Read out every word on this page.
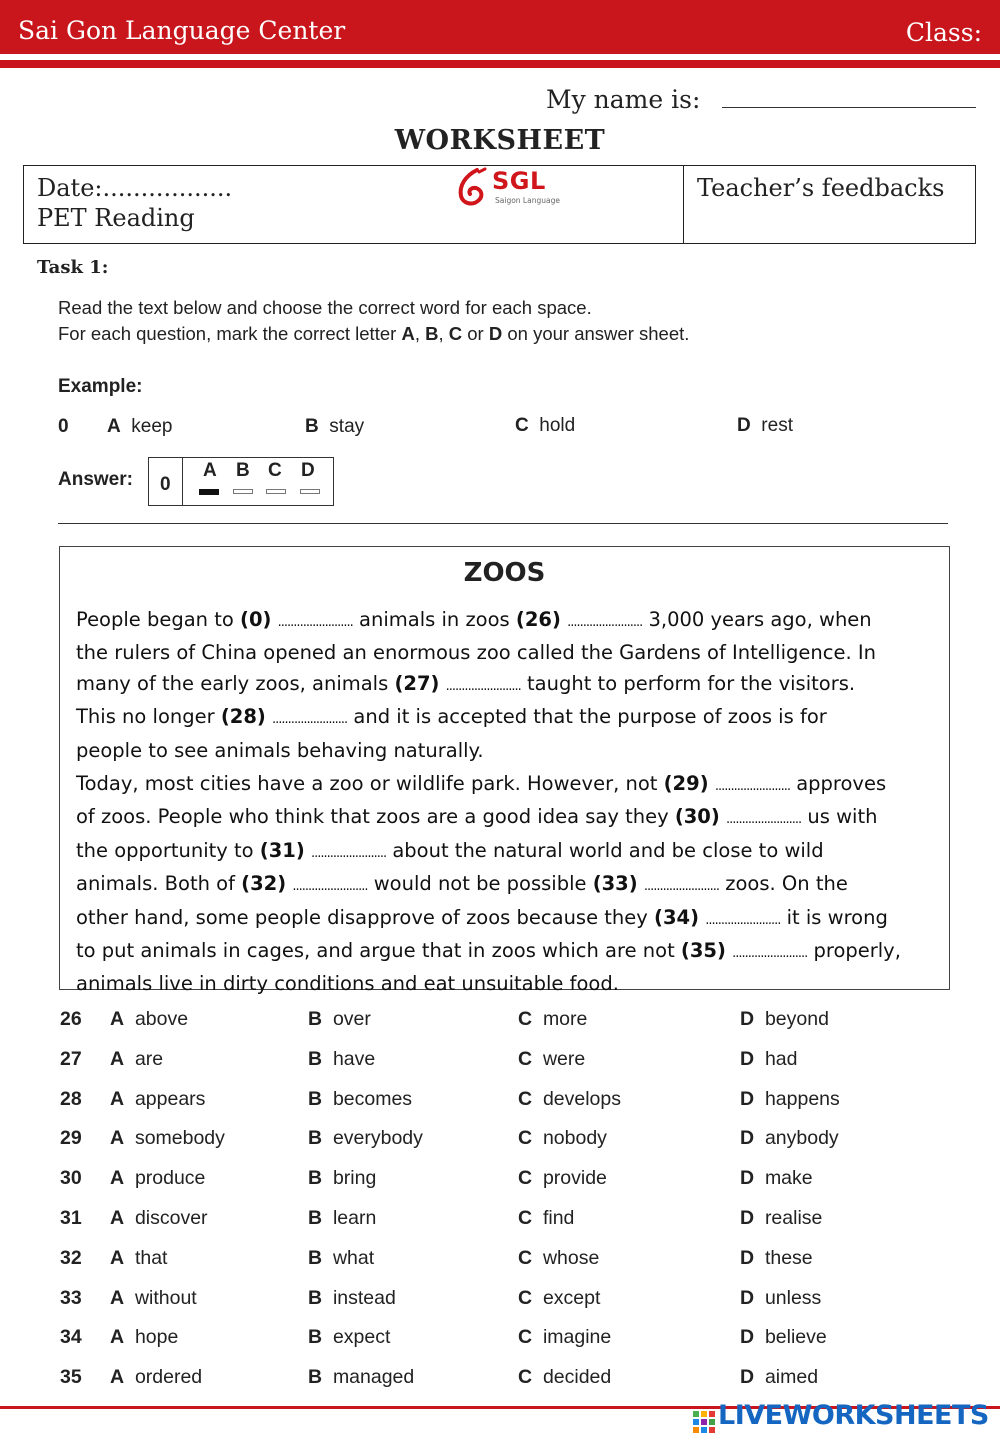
Sai Gon Language Center	Class:
My name is:
WORKSHEET
Date:.................
PET Reading
Teacher’s feedbacks
SGL
Saigon Language
Task 1:
Read the text below and choose the correct word for each space.
For each question, mark the correct letter A, B, C or D on your answer sheet.
Example:
0 A keep	B stay	C hold	D rest
Answer: 0
A B C D
ZOOS
People began to (0) ........................ animals in zoos (26) ........................ 3,000 years ago, when
the rulers of China opened an enormous zoo called the Gardens of Intelligence. In
many of the early zoos, animals (27) ........................ taught to perform for the visitors.
This no longer (28) ........................ and it is accepted that the purpose of zoos is for
people to see animals behaving naturally.
Today, most cities have a zoo or wildlife park. However, not (29) ........................ approves
of zoos. People who think that zoos are a good idea say they (30) ........................ us with
the opportunity to (31) ........................ about the natural world and be close to wild
animals. Both of (32) ........................ would not be possible (33) ........................ zoos. On the
other hand, some people disapprove of zoos because they (34) ........................ it is wrong
to put animals in cages, and argue that in zoos which are not (35) ........................ properly,
animals live in dirty conditions and eat unsuitable food.
26 A above	B over	C more	D beyond
27 A are	B have	C were	D had
28 A appears	B becomes	C develops	D happens
29 A somebody	B everybody	C nobody	D anybody
30 A produce	B bring	C provide	D make
31 A discover	B learn	C find	D realise
32 A that	B what	C whose	D these
33 A without	B instead	C except	D unless
34 A hope	B expect	C imagine	D believe
35 A ordered	B managed	C decided	D aimed
LIVEWORKSHEETS
